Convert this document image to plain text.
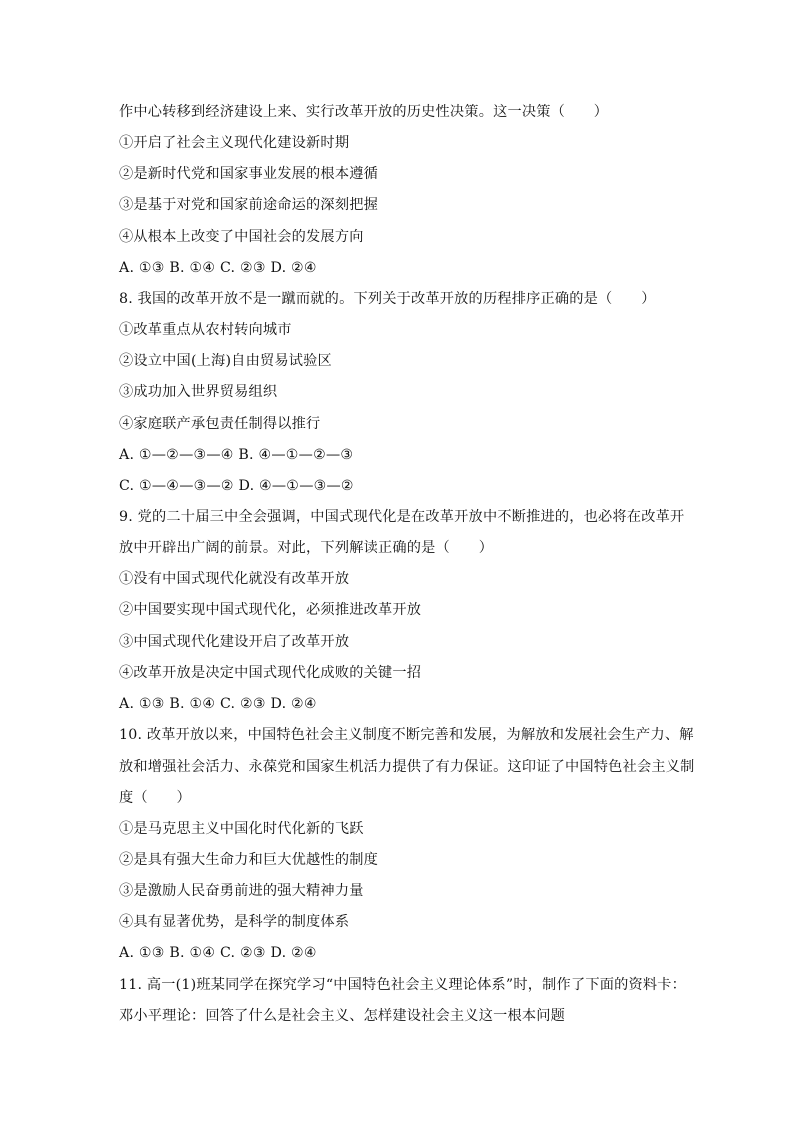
作中心转移到经济建设上来、实行改革开放的历史性决策。这一决策（　　）
①开启了社会主义现代化建设新时期
②是新时代党和国家事业发展的根本遵循
③是基于对党和国家前途命运的深刻把握
④从根本上改变了中国社会的发展方向
A. ①③ B. ①④ C. ②③ D. ②④
8. 我国的改革开放不是一蹴而就的。下列关于改革开放的历程排序正确的是（　　）
①改革重点从农村转向城市
②设立中国(上海)自由贸易试验区
③成功加入世界贸易组织
④家庭联产承包责任制得以推行
A. ①—②—③—④ B. ④—①—②—③
C. ①—④—③—② D. ④—①—③—②
9. 党的二十届三中全会强调，中国式现代化是在改革开放中不断推进的，也必将在改革开
放中开辟出广阔的前景。对此，下列解读正确的是（　　）
①没有中国式现代化就没有改革开放
②中国要实现中国式现代化，必须推进改革开放
③中国式现代化建设开启了改革开放
④改革开放是决定中国式现代化成败的关键一招
A. ①③ B. ①④ C. ②③ D. ②④
10. 改革开放以来，中国特色社会主义制度不断完善和发展，为解放和发展社会生产力、解
放和增强社会活力、永葆党和国家生机活力提供了有力保证。这印证了中国特色社会主义制
度（　　）
①是马克思主义中国化时代化新的飞跃
②是具有强大生命力和巨大优越性的制度
③是激励人民奋勇前进的强大精神力量
④具有显著优势，是科学的制度体系
A. ①③ B. ①④ C. ②③ D. ②④
11. 高一(1)班某同学在探究学习“中国特色社会主义理论体系”时，制作了下面的资料卡：
邓小平理论：回答了什么是社会主义、怎样建设社会主义这一根本问题
